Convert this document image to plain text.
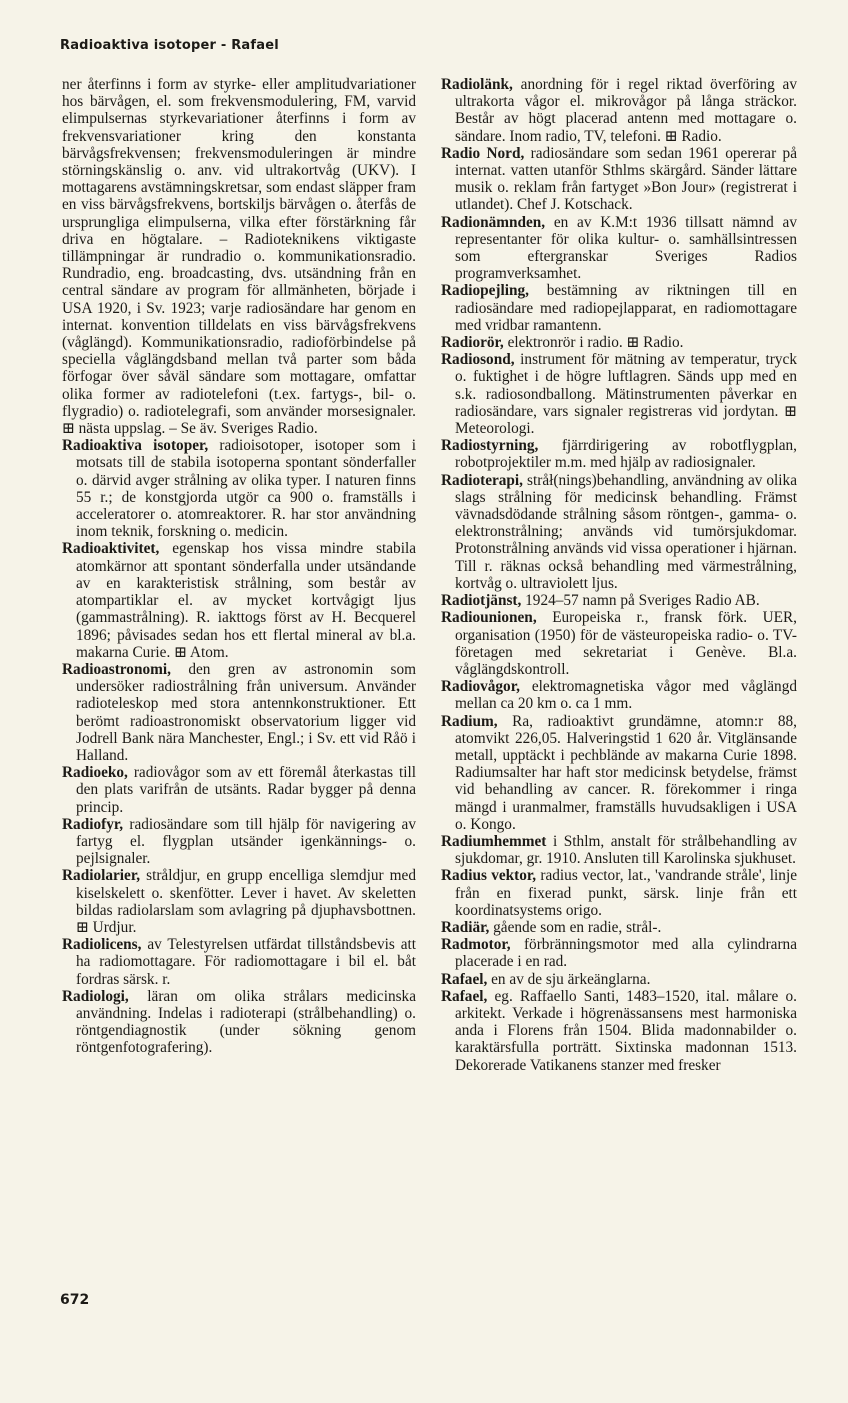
Radioaktiva isotoper - Rafael

ner återfinns i form av styrke- eller amplitudvariationer hos bärvågen, el. som frekvensmodulering, FM, varvid elimpulsernas styrkevariationer återfinns i form av frekvensvariationer kring den konstanta bärvågsfrekvensen; frekvensmoduleringen är mindre störningskänslig o. anv. vid ultrakortvåg (UKV). I mottagarens avstämningskretsar, som endast släpper fram en viss bärvågsfrekvens, bortskiljs bärvågen o. återfås de ursprungliga elimpulserna, vilka efter förstärkning får driva en högtalare. – Radioteknikens viktigaste tillämpningar är rundradio o. kommunikationsradio. Rundradio, eng. broadcasting, dvs. utsändning från en central sändare av program för allmänheten, började i USA 1920, i Sv. 1923; varje radiosändare har genom en internat. konvention tilldelats en viss bärvågsfrekvens (våglängd). Kommunikationsradio, radioförbindelse på speciella våglängdsband mellan två parter som båda förfogar över såväl sändare som mottagare, omfattar olika former av radiotelefoni (t.ex. fartygs-, bil- o. flygradio) o. radiotelegrafi, som använder morsesignaler. ⊞ nästa uppslag. – Se äv. Sveriges Radio.

Radioaktiva isotoper, radioisotoper, isotoper som i motsats till de stabila isotoperna spontant sönderfaller o. därvid avger strålning av olika typer. I naturen finns 55 r.; de konstgjorda utgör ca 900 o. framställs i acceleratorer o. atomreaktorer. R. har stor användning inom teknik, forskning o. medicin.

Radioaktivitet, egenskap hos vissa mindre stabila atomkärnor att spontant sönderfalla under utsändande av en karakteristisk strålning, som består av atompartiklar el. av mycket kortvågigt ljus (gammastrålning). R. iakttogs först av H. Becquerel 1896; påvisades sedan hos ett flertal mineral av bl.a. makarna Curie. ⊞ Atom.

Radioastronomi, den gren av astronomin som undersöker radiostrålning från universum. Använder radioteleskop med stora antennkonstruktioner. Ett berömt radioastronomiskt observatorium ligger vid Jodrell Bank nära Manchester, Engl.; i Sv. ett vid Råö i Halland.

Radioeko, radiovågor som av ett föremål återkastas till den plats varifrån de utsänts. Radar bygger på denna princip.

Radiofyr, radiosändare som till hjälp för navigering av fartyg el. flygplan utsänder igenkännings- o. pejlsignaler.

Radiolarier, stråldjur, en grupp encelliga slemdjur med kiselskelett o. skenfötter. Lever i havet. Av skeletten bildas radiolarslam som avlagring på djuphavsbottnen. ⊞ Urdjur.

Radiolicens, av Telestyrelsen utfärdat tillståndsbevis att ha radiomottagare. För radiomottagare i bil el. båt fordras särsk. r.

Radiologi, läran om olika strålars medicinska användning. Indelas i radioterapi (strålbehandling) o. röntgendiagnostik (under sökning genom röntgenfotografering).

Radiolänk, anordning för i regel riktad överföring av ultrakorta vågor el. mikrovågor på långa sträckor. Består av högt placerad antenn med mottagare o. sändare. Inom radio, TV, telefoni. ⊞ Radio.

Radio Nord, radiosändare som sedan 1961 opererar på internat. vatten utanför Sthlms skärgård. Sänder lättare musik o. reklam från fartyget »Bon Jour» (registrerat i utlandet). Chef J. Kotschack.

Radionämnden, en av K.M:t 1936 tillsatt nämnd av representanter för olika kultur- o. samhällsintressen som eftergranskar Sveriges Radios programverksamhet.

Radiopejling, bestämning av riktningen till en radiosändare med radiopejlapparat, en radiomottagare med vridbar ramantenn.

Radiorör, elektronrör i radio. ⊞ Radio.

Radiosond, instrument för mätning av temperatur, tryck o. fuktighet i de högre luftlagren. Sänds upp med en s.k. radiosondballong. Mätinstrumenten påverkar en radiosändare, vars signaler registreras vid jordytan. ⊞ Meteorologi.

Radiostyrning, fjärrdirigering av robotflygplan, robotprojektiler m.m. med hjälp av radiosignaler.

Radioterapi, stråł(nings)behandling, användning av olika slags strålning för medicinsk behandling. Främst vävnadsdödande strålning såsom röntgen-, gamma- o. elektronstrålning; används vid tumörsjukdomar. Protonstrålning används vid vissa operationer i hjärnan. Till r. räknas också behandling med värmestrålning, kortvåg o. ultraviolett ljus.

Radiotjänst, 1924–57 namn på Sveriges Radio AB.

Radiounionen, Europeiska r., fransk förk. UER, organisation (1950) för de västeuropeiska radio- o. TV-företagen med sekretariat i Genève. Bl.a. våglängdskontroll.

Radiovågor, elektromagnetiska vågor med våglängd mellan ca 20 km o. ca 1 mm.

Radium, Ra, radioaktivt grundämne, atomn:r 88, atomvikt 226,05. Halveringstid 1 620 år. Vitglänsande metall, upptäckt i pechblände av makarna Curie 1898. Radiumsalter har haft stor medicinsk betydelse, främst vid behandling av cancer. R. förekommer i ringa mängd i uranmalmer, framställs huvudsakligen i USA o. Kongo.

Radiumhemmet i Sthlm, anstalt för strålbehandling av sjukdomar, gr. 1910. Ansluten till Karolinska sjukhuset.

Radius vektor, radius vector, lat., 'vandrande stråle', linje från en fixerad punkt, särsk. linje från ett koordinatsystems origo.

Radiär, gående som en radie, strål-.

Radmotor, förbränningsmotor med alla cylindrarna placerade i en rad.

Rafael, en av de sju ärkeänglarna.

Rafael, eg. Raffaello Santi, 1483–1520, ital. målare o. arkitekt. Verkade i högrenässansens mest harmoniska anda i Florens från 1504. Blida madonnabilder o. karaktärsfulla porträtt. Sixtinska madonnan 1513. Dekorerade Vatikanens stanzer med fresker

672
